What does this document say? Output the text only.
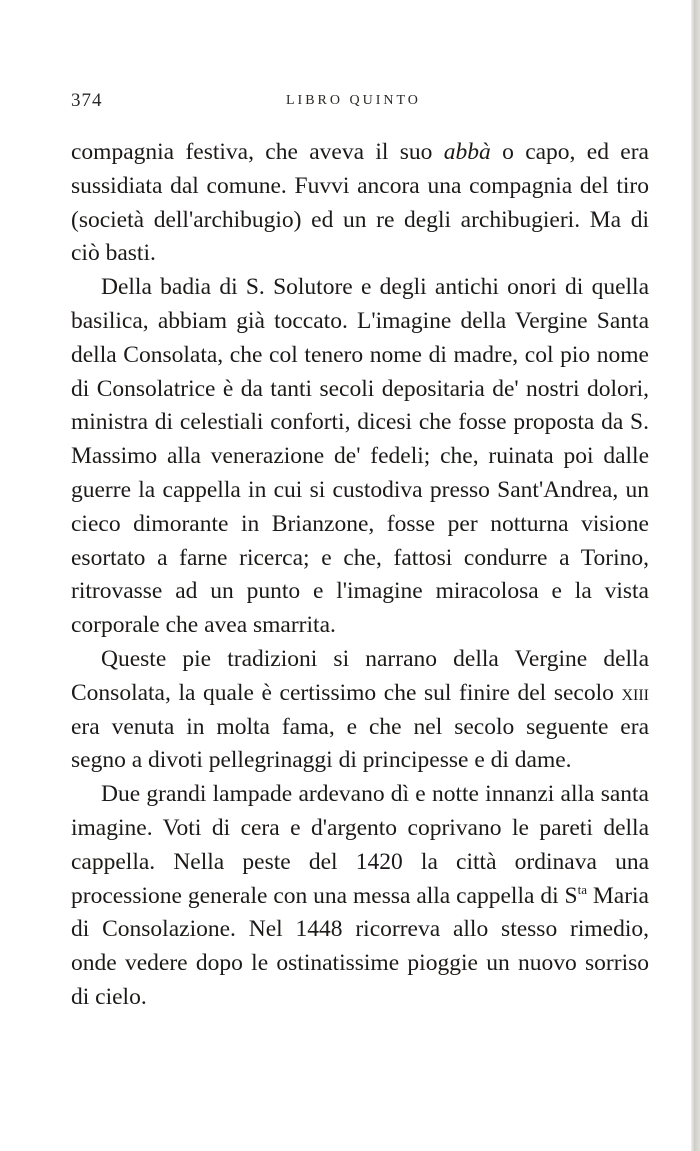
374	LIBRO QUINTO

compagnia festiva, che aveva il suo abbà o capo, ed era sussidiata dal comune. Fuvvi ancora una compagnia del tiro (società dell'archibugio) ed un re degli archibugieri. Ma di ciò basti.

Della badia di S. Solutore e degli antichi onori di quella basilica, abbiam già toccato. L'imagine della Vergine Santa della Consolata, che col tenero nome di madre, col pio nome di Consolatrice è da tanti secoli depositaria de' nostri dolori, ministra di celestiali conforti, dicesi che fosse proposta da S. Massimo alla venerazione de' fedeli; che, ruinata poi dalle guerre la cappella in cui si custodiva presso Sant'Andrea, un cieco dimorante in Brianzone, fosse per notturna visione esortato a farne ricerca; e che, fattosi condurre a Torino, ritrovasse ad un punto e l'imagine miracolosa e la vista corporale che avea smarrita.

Queste pie tradizioni si narrano della Vergine della Consolata, la quale è certissimo che sul finire del secolo xiii era venuta in molta fama, e che nel secolo seguente era segno a divoti pellegrinaggi di principesse e di dame.

Due grandi lampade ardevano dì e notte innanzi alla santa imagine. Voti di cera e d'argento coprivano le pareti della cappella. Nella peste del 1420 la città ordinava una processione generale con una messa alla cappella di $S^{ta}$ Maria di Consolazione. Nel 1448 ricorreva allo stesso rimedio, onde vedere dopo le ostinatissime pioggie un nuovo sorriso di cielo.
